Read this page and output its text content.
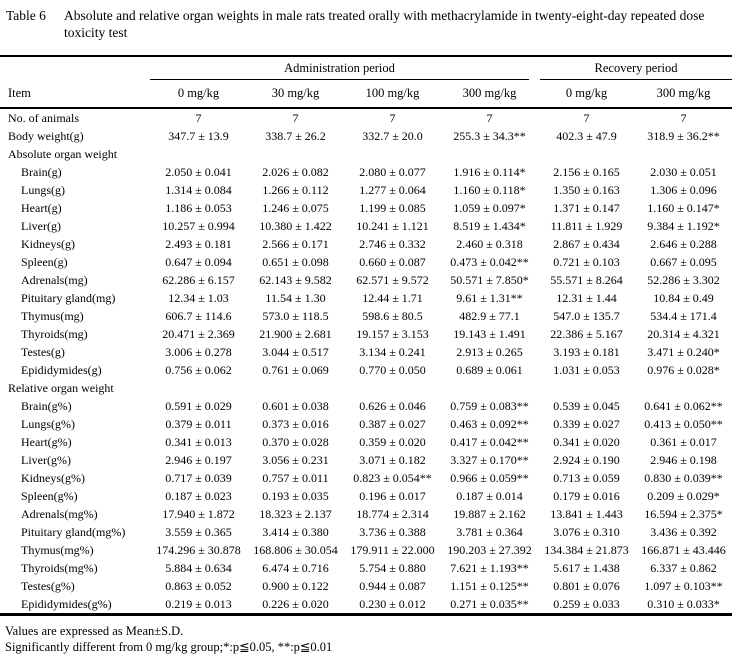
Table 6	Absolute and relative organ weights in male rats treated orally with methacrylamide in twenty-eight-day repeated dose toxicity test

	Administration period				Recovery period	

Item	0 mg/kg	30 mg/kg	100 mg/kg	300 mg/kg	0 mg/kg	300 mg/kg
No. of animals	7	7	7	7	7	7
Body weight(g)	347.7 ± 13.9	338.7 ± 26.2	332.7 ± 20.0	255.3 ± 34.3**	402.3 ± 47.9	318.9 ± 36.2**
Absolute organ weight						
Brain(g)	2.050 ± 0.041	2.026 ± 0.082	2.080 ± 0.077	1.916 ± 0.114*	2.156 ± 0.165	2.030 ± 0.051
Lungs(g)	1.314 ± 0.084	1.266 ± 0.112	1.277 ± 0.064	1.160 ± 0.118*	1.350 ± 0.163	1.306 ± 0.096
Heart(g)	1.186 ± 0.053	1.246 ± 0.075	1.199 ± 0.085	1.059 ± 0.097*	1.371 ± 0.147	1.160 ± 0.147*
Liver(g)	10.257 ± 0.994	10.380 ± 1.422	10.241 ± 1.121	8.519 ± 1.434*	11.811 ± 1.929	9.384 ± 1.192*
Kidneys(g)	2.493 ± 0.181	2.566 ± 0.171	2.746 ± 0.332	2.460 ± 0.318	2.867 ± 0.434	2.646 ± 0.288
Spleen(g)	0.647 ± 0.094	0.651 ± 0.098	0.660 ± 0.087	0.473 ± 0.042**	0.721 ± 0.103	0.667 ± 0.095
Adrenals(mg)	62.286 ± 6.157	62.143 ± 9.582	62.571 ± 9.572	50.571 ± 7.850*	55.571 ± 8.264	52.286 ± 3.302
Pituitary gland(mg)	12.34 ± 1.03	11.54 ± 1.30	12.44 ± 1.71	9.61 ± 1.31**	12.31 ± 1.44	10.84 ± 0.49
Thymus(mg)	606.7 ± 114.6	573.0 ± 118.5	598.6 ± 80.5	482.9 ± 77.1	547.0 ± 135.7	534.4 ± 171.4
Thyroids(mg)	20.471 ± 2.369	21.900 ± 2.681	19.157 ± 3.153	19.143 ± 1.491	22.386 ± 5.167	20.314 ± 4.321
Testes(g)	3.006 ± 0.278	3.044 ± 0.517	3.134 ± 0.241	2.913 ± 0.265	3.193 ± 0.181	3.471 ± 0.240*
Epididymides(g)	0.756 ± 0.062	0.761 ± 0.069	0.770 ± 0.050	0.689 ± 0.061	1.031 ± 0.053	0.976 ± 0.028*
Relative organ weight						
Brain(g%)	0.591 ± 0.029	0.601 ± 0.038	0.626 ± 0.046	0.759 ± 0.083**	0.539 ± 0.045	0.641 ± 0.062**
Lungs(g%)	0.379 ± 0.011	0.373 ± 0.016	0.387 ± 0.027	0.463 ± 0.092**	0.339 ± 0.027	0.413 ± 0.050**
Heart(g%)	0.341 ± 0.013	0.370 ± 0.028	0.359 ± 0.020	0.417 ± 0.042**	0.341 ± 0.020	0.361 ± 0.017
Liver(g%)	2.946 ± 0.197	3.056 ± 0.231	3.071 ± 0.182	3.327 ± 0.170**	2.924 ± 0.190	2.946 ± 0.198
Kidneys(g%)	0.717 ± 0.039	0.757 ± 0.011	0.823 ± 0.054**	0.966 ± 0.059**	0.713 ± 0.059	0.830 ± 0.039**
Spleen(g%)	0.187 ± 0.023	0.193 ± 0.035	0.196 ± 0.017	0.187 ± 0.014	0.179 ± 0.016	0.209 ± 0.029*
Adrenals(mg%)	17.940 ± 1.872	18.323 ± 2.137	18.774 ± 2.314	19.887 ± 2.162	13.841 ± 1.443	16.594 ± 2.375*
Pituitary gland(mg%)	3.559 ± 0.365	3.414 ± 0.380	3.736 ± 0.388	3.781 ± 0.364	3.076 ± 0.310	3.436 ± 0.392
Thymus(mg%)	174.296 ± 30.878	168.806 ± 30.054	179.911 ± 22.000	190.203 ± 27.392	134.384 ± 21.873	166.871 ± 43.446
Thyroids(mg%)	5.884 ± 0.634	6.474 ± 0.716	5.754 ± 0.880	7.621 ± 1.193**	5.617 ± 1.438	6.337 ± 0.862
Testes(g%)	0.863 ± 0.052	0.900 ± 0.122	0.944 ± 0.087	1.151 ± 0.125**	0.801 ± 0.076	1.097 ± 0.103**
Epididymides(g%)	0.219 ± 0.013	0.226 ± 0.020	0.230 ± 0.012	0.271 ± 0.035**	0.259 ± 0.033	0.310 ± 0.033*
Values are expressed as Mean±S.D.
Significantly different from 0 mg/kg group;*:p≦0.05, **:p≦0.01
